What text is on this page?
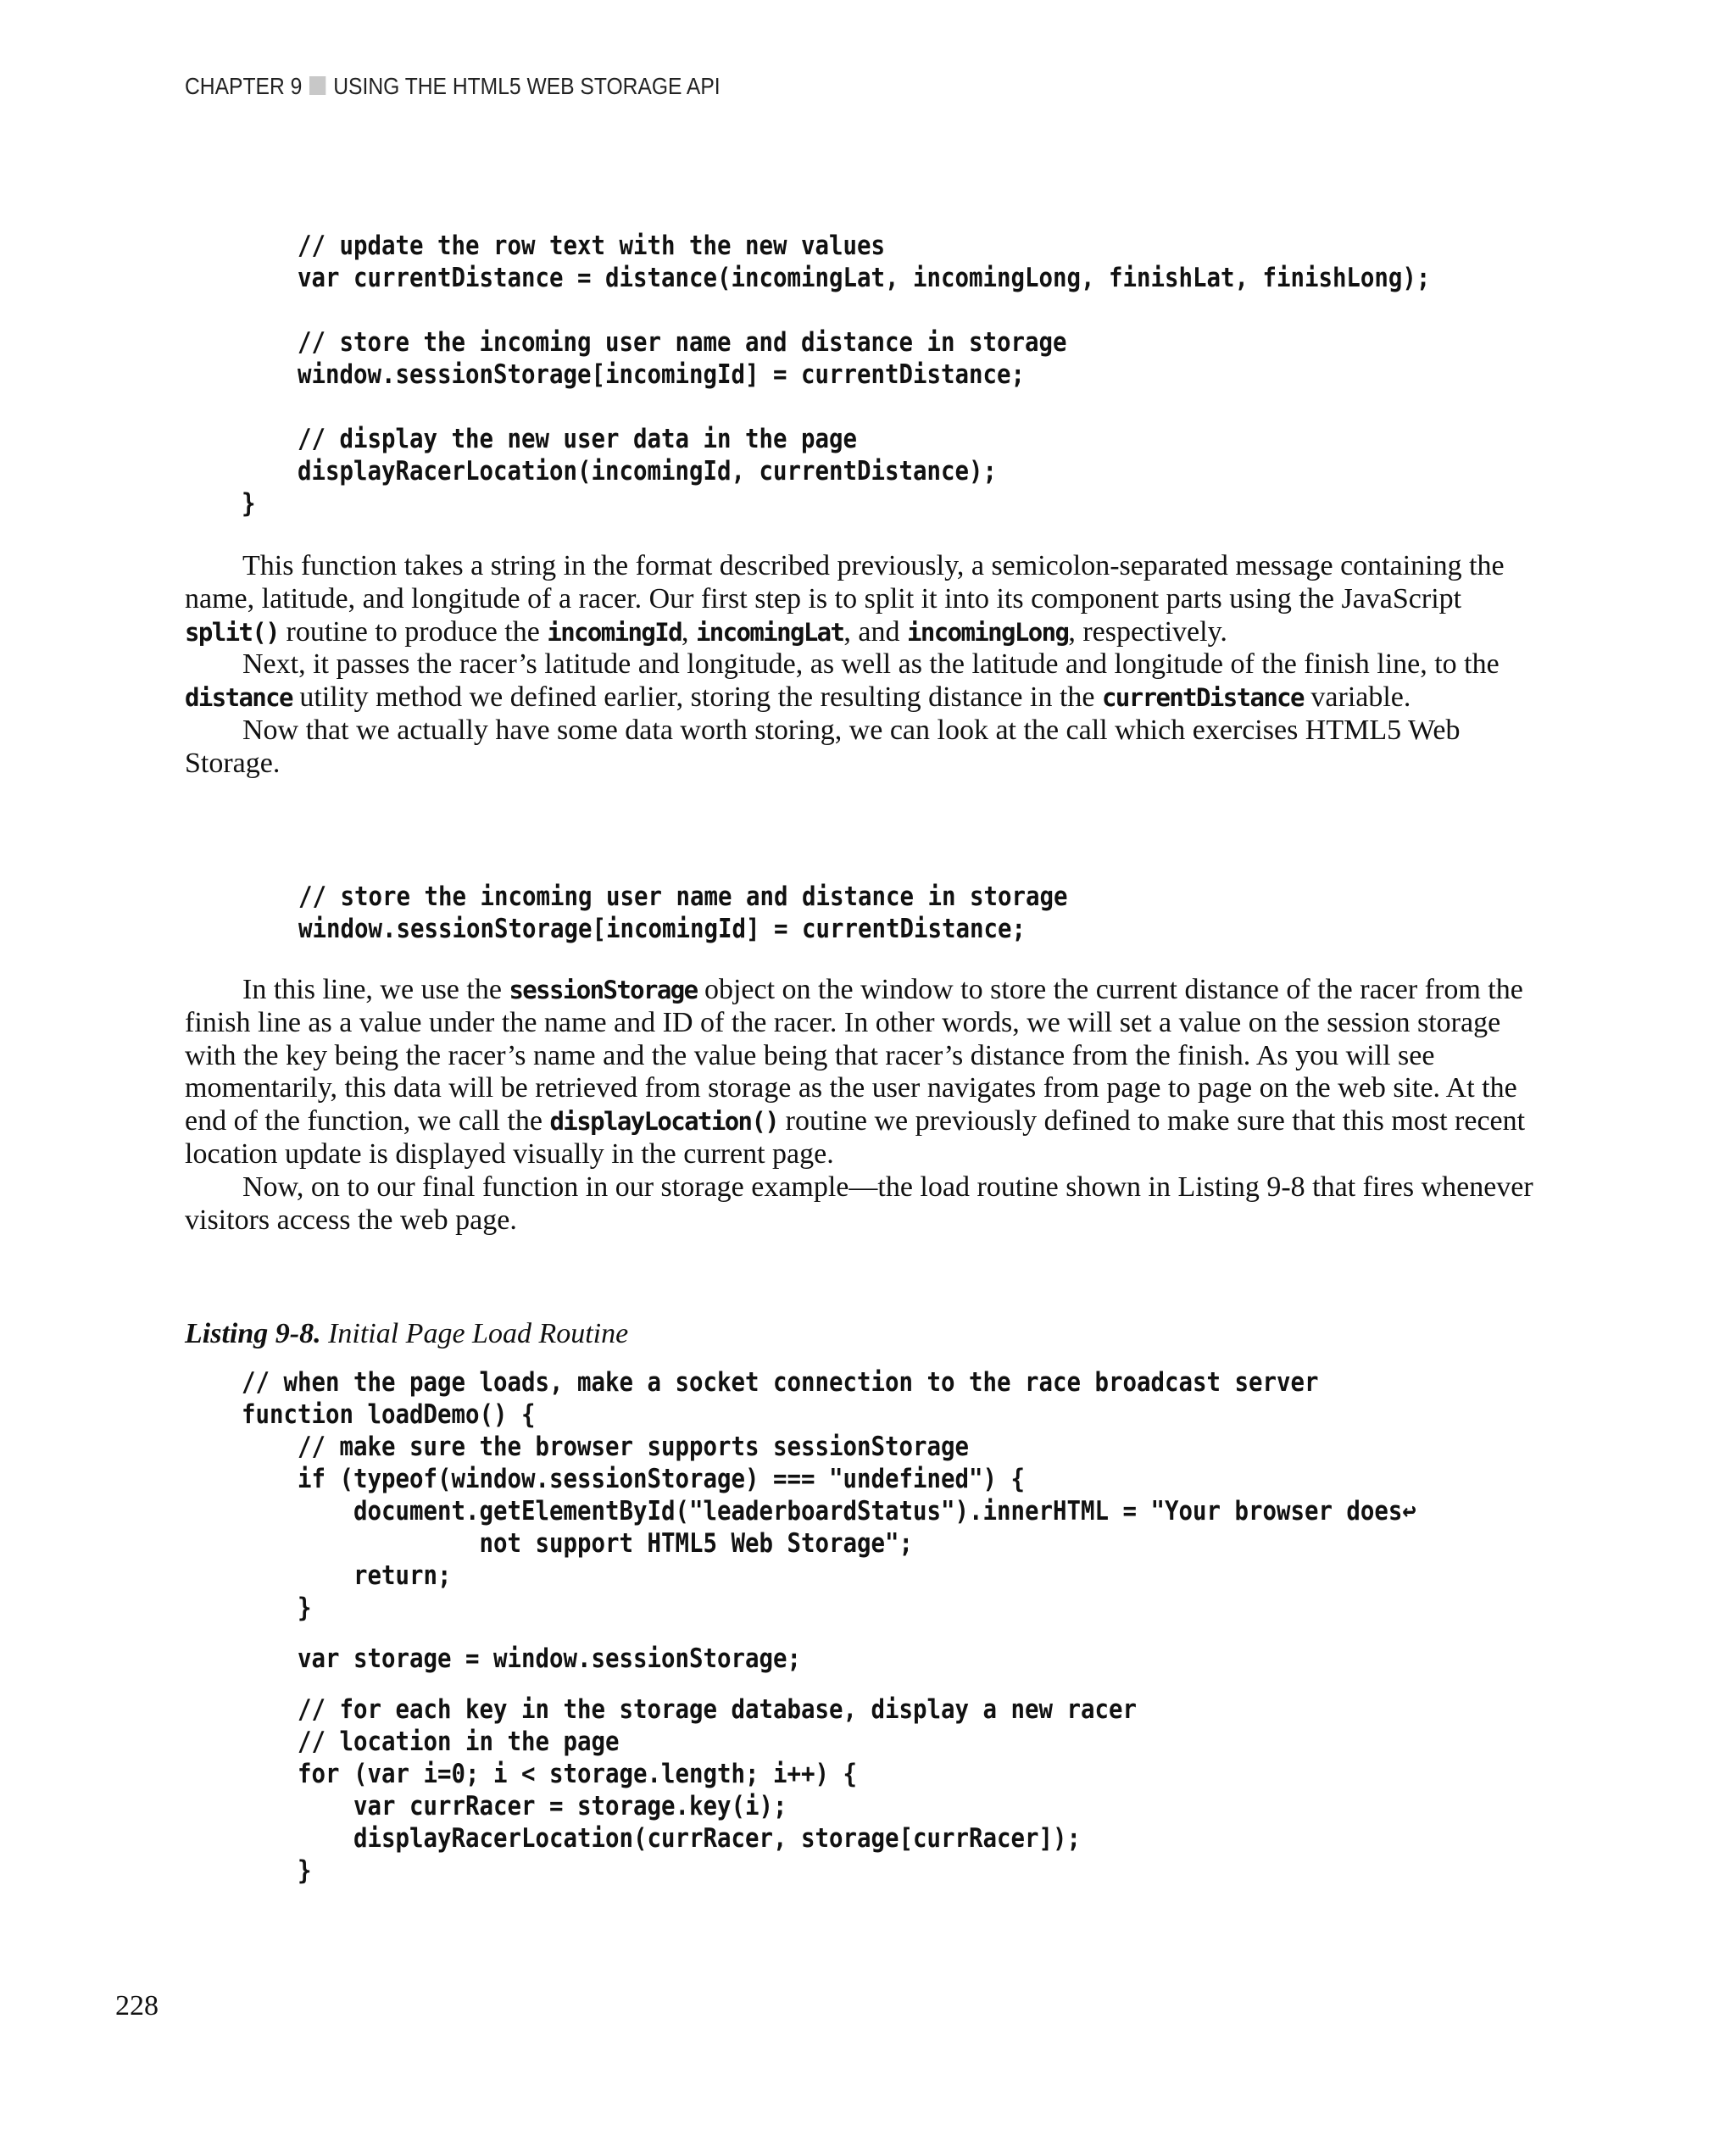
CHAPTER 9 USING THE HTML5 WEB STORAGE API
// update the row text with the new values
var currentDistance = distance(incomingLat, incomingLong, finishLat, finishLong);
// store the incoming user name and distance in storage
window.sessionStorage[incomingId] = currentDistance;
// display the new user data in the page
displayRacerLocation(incomingId, currentDistance);
}

This function takes a string in the format described previously, a semicolon-separated message containing the name, latitude, and longitude of a racer. Our first step is to split it into its component parts using the JavaScript split() routine to produce the incomingId, incomingLat, and incomingLong, respectively.

Next, it passes the racer’s latitude and longitude, as well as the latitude and longitude of the finish line, to the distance utility method we defined earlier, storing the resulting distance in the currentDistance variable.

Now that we actually have some data worth storing, we can look at the call which exercises HTML5 Web Storage.

// store the incoming user name and distance in storage
window.sessionStorage[incomingId] = currentDistance;

In this line, we use the sessionStorage object on the window to store the current distance of the racer from the finish line as a value under the name and ID of the racer. In other words, we will set a value on the session storage with the key being the racer’s name and the value being that racer’s distance from the finish. As you will see momentarily, this data will be retrieved from storage as the user navigates from page to page on the web site. At the end of the function, we call the displayLocation() routine we previously defined to make sure that this most recent location update is displayed visually in the current page.

Now, on to our final function in our storage example—the load routine shown in Listing 9-8 that fires whenever visitors access the web page.

Listing 9-8. Initial Page Load Routine
// when the page loads, make a socket connection to the race broadcast server
function loadDemo() {
// make sure the browser supports sessionStorage
if (typeof(window.sessionStorage) === "undefined") {
document.getElementById("leaderboardStatus").innerHTML = "Your browser does↩
not support HTML5 Web Storage";
return;
}
var storage = window.sessionStorage;
// for each key in the storage database, display a new racer
// location in the page
for (var i=0; i < storage.length; i++) {
var currRacer = storage.key(i);
displayRacerLocation(currRacer, storage[currRacer]);
}
228
